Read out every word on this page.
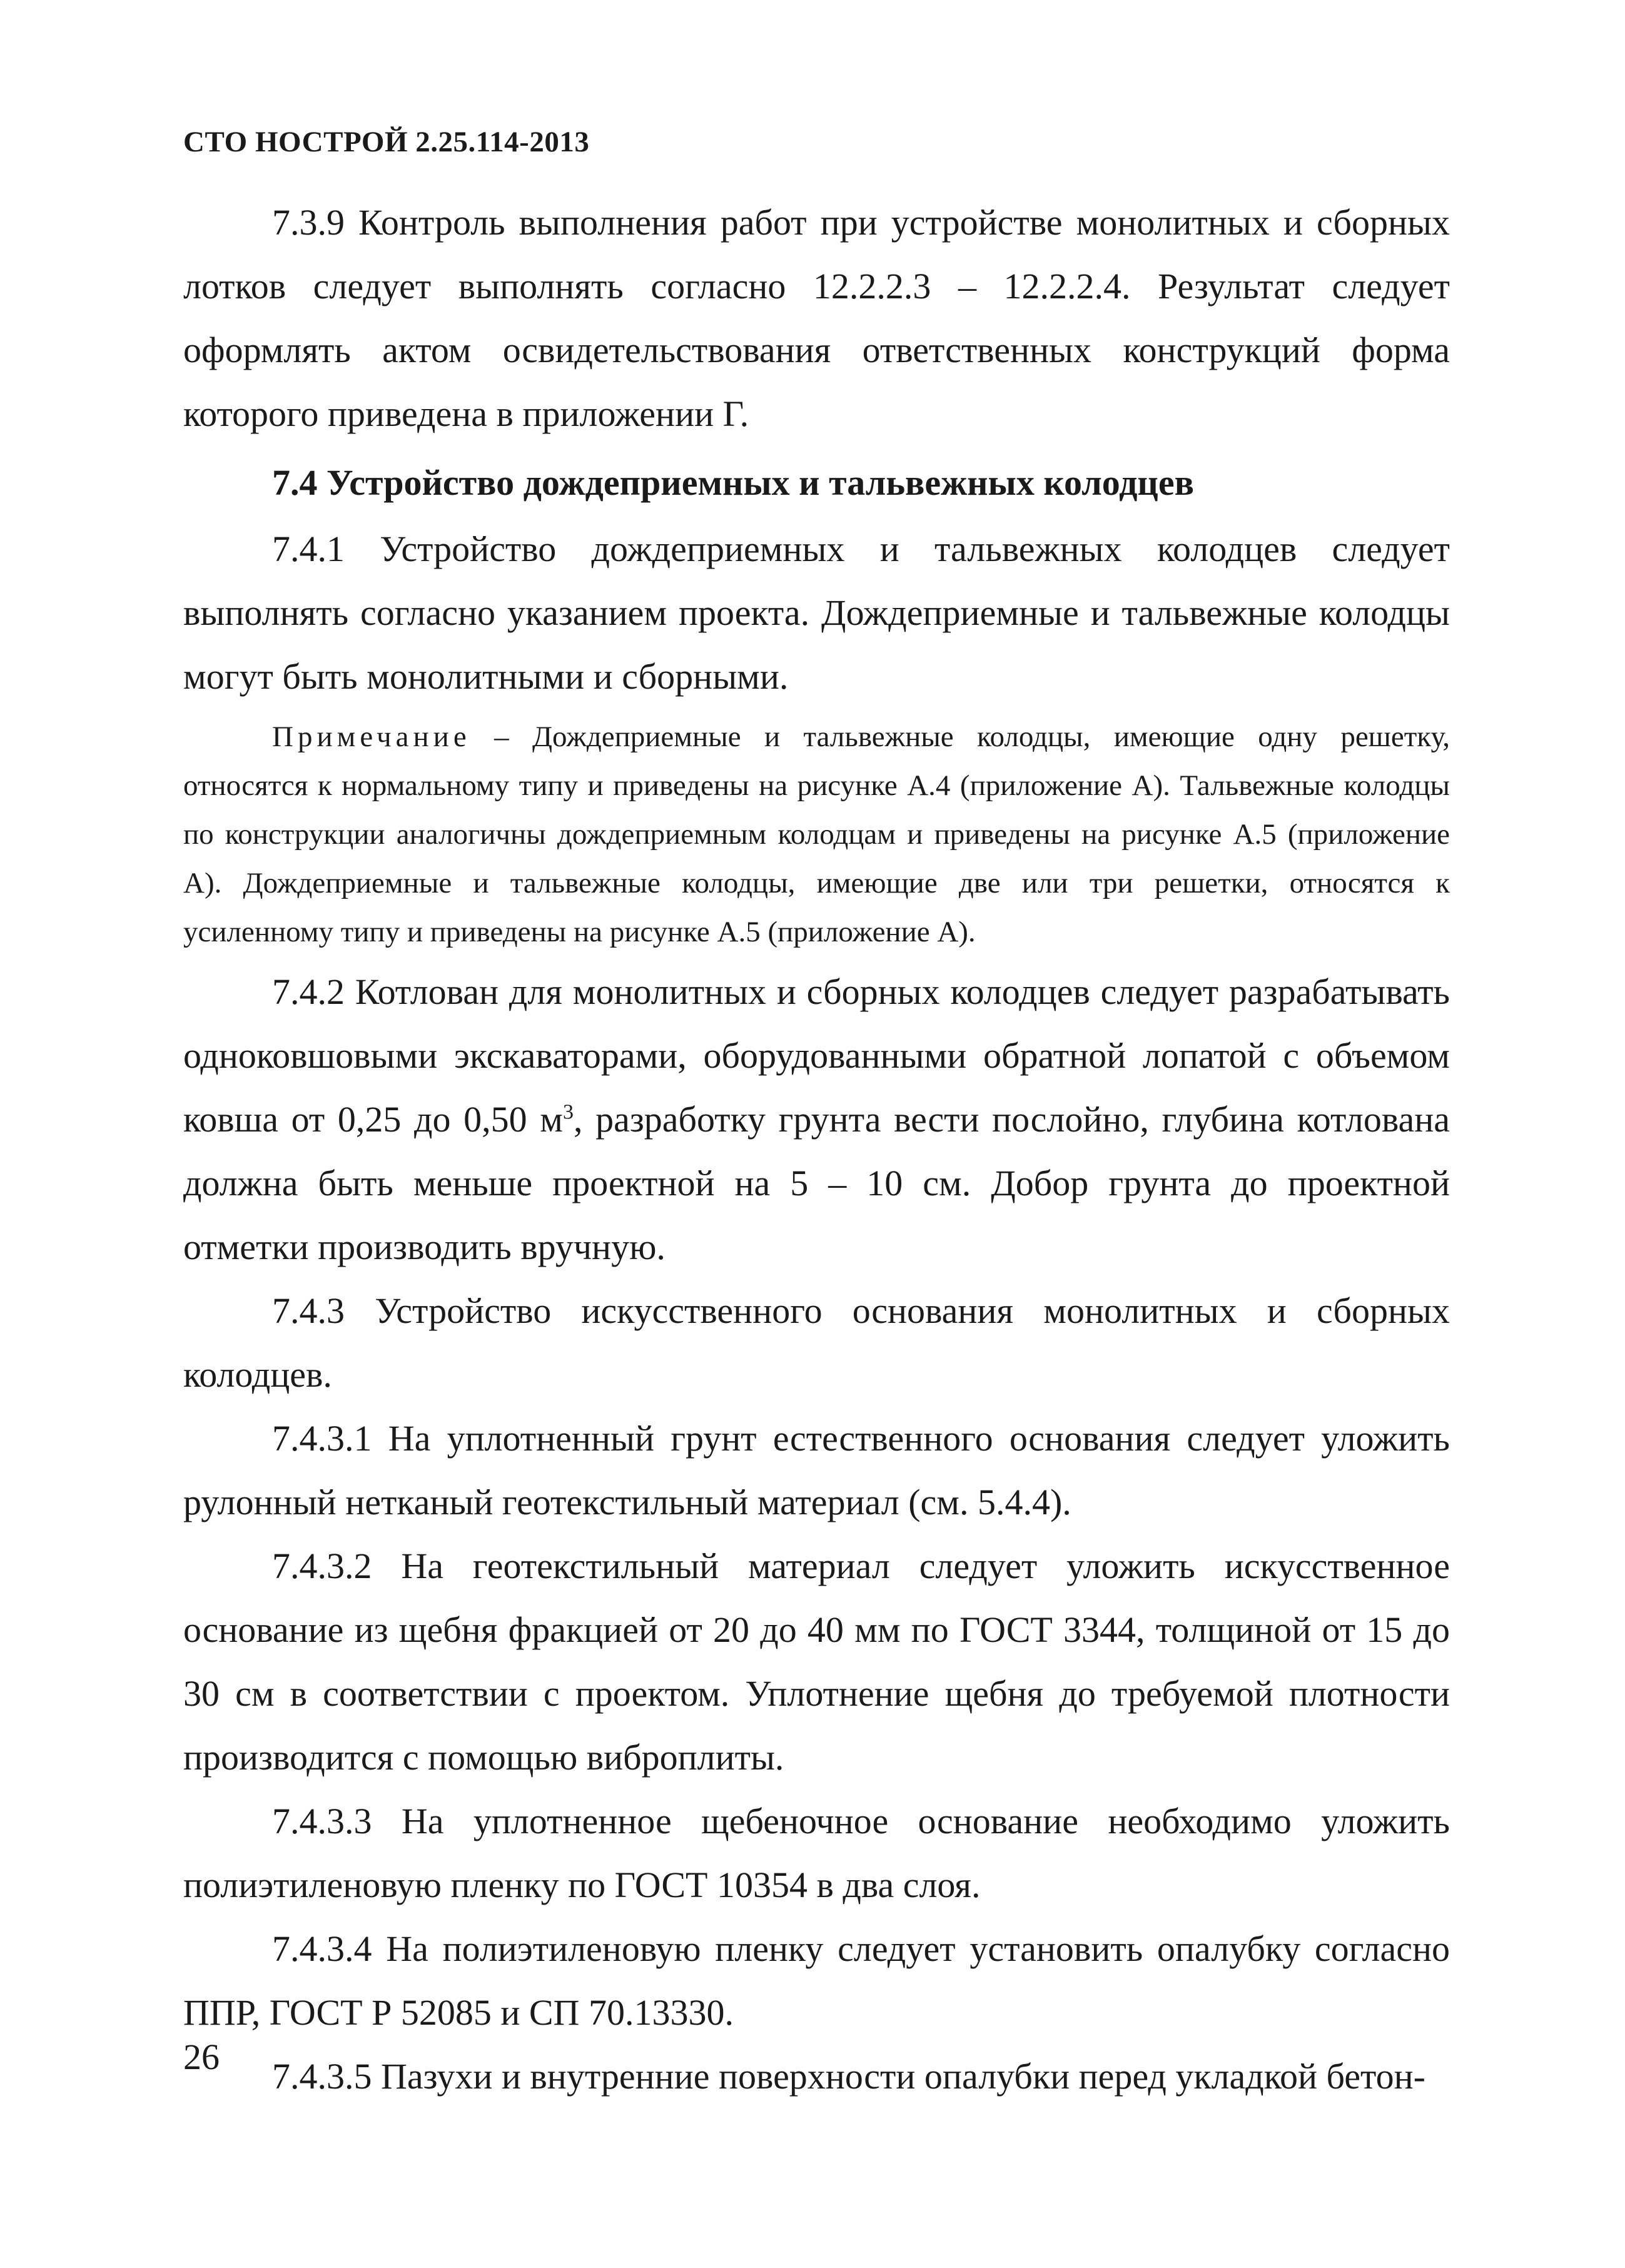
СТО НОСТРОЙ 2.25.114-2013

7.3.9 Контроль выполнения работ при устройстве монолитных и сборных лотков следует выполнять согласно 12.2.2.3 – 12.2.2.4. Результат следует оформлять актом освидетельствования ответственных конструкций форма которого приведена в приложении Г.

7.4 Устройство дождеприемных и тальвежных колодцев

7.4.1 Устройство дождеприемных и тальвежных колодцев следует выполнять согласно указанием проекта. Дождеприемные и тальвежные колодцы могут быть монолитными и сборными.

Примечание – Дождеприемные и тальвежные колодцы, имеющие одну решетку, относятся к нормальному типу и приведены на рисунке А.4 (приложение А). Тальвежные колодцы по конструкции аналогичны дождеприемным колодцам и приведены на рисунке А.5 (приложение А). Дождеприемные и тальвежные колодцы, имеющие две или три решетки, относятся к усиленному типу и приведены на рисунке А.5 (приложение А).

7.4.2 Котлован для монолитных и сборных колодцев следует разрабатывать одноковшовыми экскаваторами, оборудованными обратной лопатой с объемом ковша от 0,25 до 0,50 $м^3$, разработку грунта вести послойно, глубина котлована должна быть меньше проектной на 5 – 10 см. Добор грунта до проектной отметки производить вручную.

7.4.3 Устройство искусственного основания монолитных и сборных колодцев.

7.4.3.1 На уплотненный грунт естественного основания следует уложить рулонный нетканый геотекстильный материал (см. 5.4.4).

7.4.3.2 На геотекстильный материал следует уложить искусственное основание из щебня фракцией от 20 до 40 мм по ГОСТ 3344, толщиной от 15 до 30 см в соответствии с проектом. Уплотнение щебня до требуемой плотности производится с помощью виброплиты.

7.4.3.3 На уплотненное щебеночное основание необходимо уложить полиэтиленовую пленку по ГОСТ 10354 в два слоя.

7.4.3.4 На полиэтиленовую пленку следует установить опалубку согласно ППР, ГОСТ Р 52085 и СП 70.13330.

7.4.3.5 Пазухи и внутренние поверхности опалубки перед укладкой бетон-

26
